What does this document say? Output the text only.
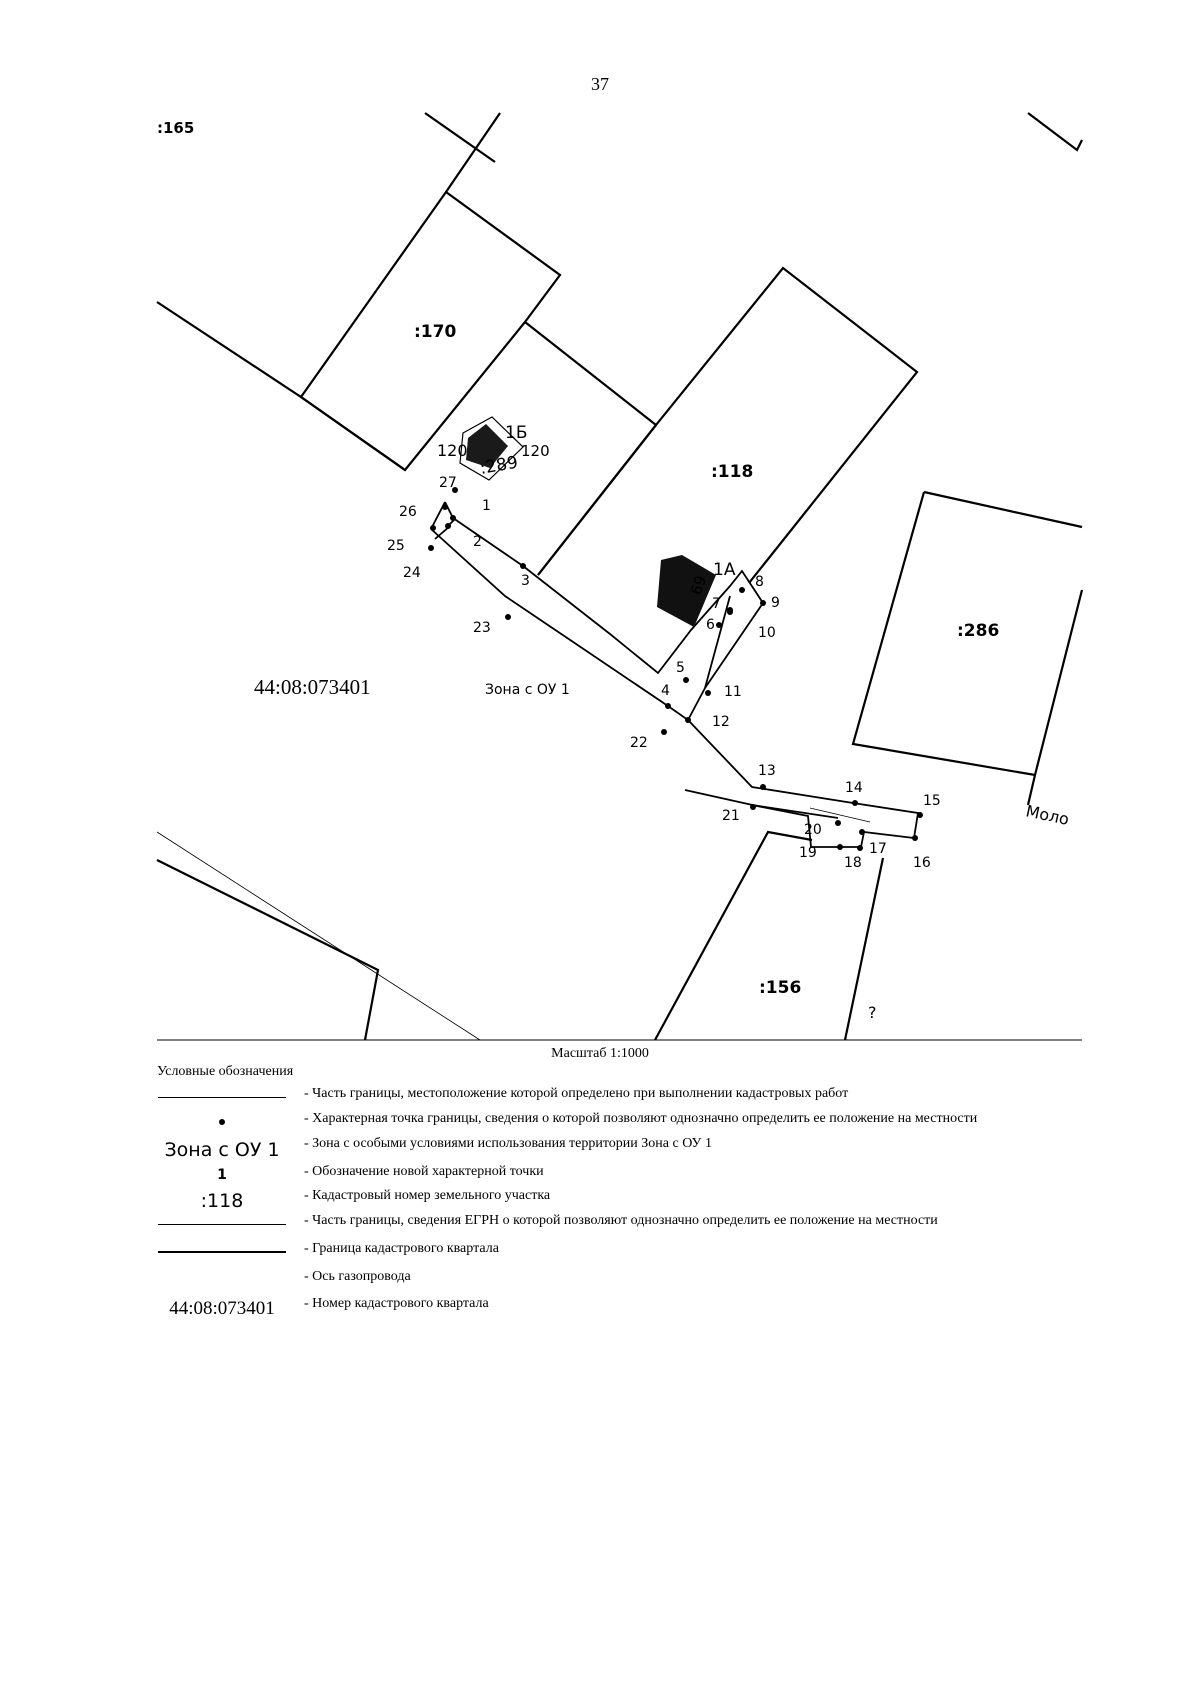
37
:165
:170
:118
:286
:156
:289
1Б
1А
120	120
69
44:08:073401	Зона с ОУ 1
Моло
?
1
2
3
4
5
6
7
8
9
10
11
12
13
14
15
16
17
18
19
20
21
22
23
24
25
26
27
Масштаб 1:1000
Условные обозначения
- Часть границы, местоположение которой определено при выполнении кадастровых работ
- Характерная точка границы, сведения о которой позволяют однозначно определить ее положение на местности
Зона с ОУ 1	- Зона с особыми условиями использования территории Зона с ОУ 1
1	- Обозначение новой характерной точки
:118	- Кадастровый номер земельного участка
- Часть границы, сведения ЕГРН о которой позволяют однозначно определить ее положение на местности
- Граница кадастрового квартала
- Ось газопровода
44:08:073401	- Номер кадастрового квартала
